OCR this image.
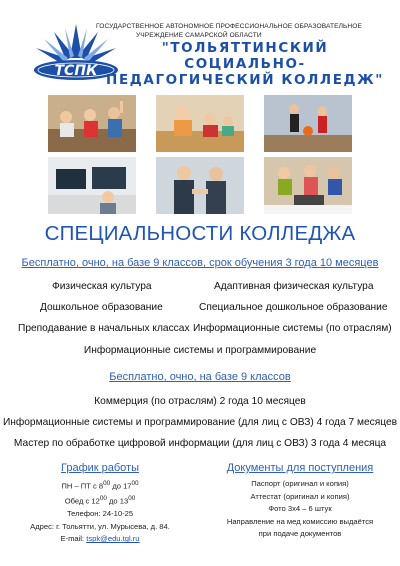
ТСПК
ГОСУДАРСТВЕННОЕ АВТОНОМНОЕ ПРОФЕССИОНАЛЬНОЕ ОБРАЗОВАТЕЛЬНОЕ
УЧРЕЖДЕНИЕ САМАРСКОЙ ОБЛАСТИ
"ТОЛЬЯТТИНСКИЙ СОЦИАЛЬНО-
ПЕДАГОГИЧЕСКИЙ КОЛЛЕДЖ"
СПЕЦИАЛЬНОСТИ КОЛЛЕДЖА
Бесплатно, очно, на базе 9 классов, срок обучения 3 года 10 месяцев
Физическая культура	Адаптивная физическая культура
Дошкольное образование	Специальное дошкольное образование
Преподавание в начальных классах Информационные системы (по отраслям)
Информационные системы и программирование
Бесплатно, очно, на базе 9 классов
Коммерция (по отраслям) 2 года 10 месяцев
Информационные системы и программирование (для лиц с ОВЗ) 4 года 7 месяцев
Мастер по обработке цифровой информации (для лиц с ОВЗ) 3 года 4 месяца
График работы
ПН – ПТ с $8^{00}$ до $17^{00}$
Обед с $12^{00}$ до $13^{00}$
Телефон: 24-10-25
Адрес: г. Тольятти, ул. Мурысева, д. 84.
E-mail: tspk@edu.tgl.ru
Документы для поступления
Паспорт (оригинал и копия)
Аттестат (оригинал и копия)
Фото 3х4 – 6 штук
Направление на мед комиссию выдаётся
при подаче документов
